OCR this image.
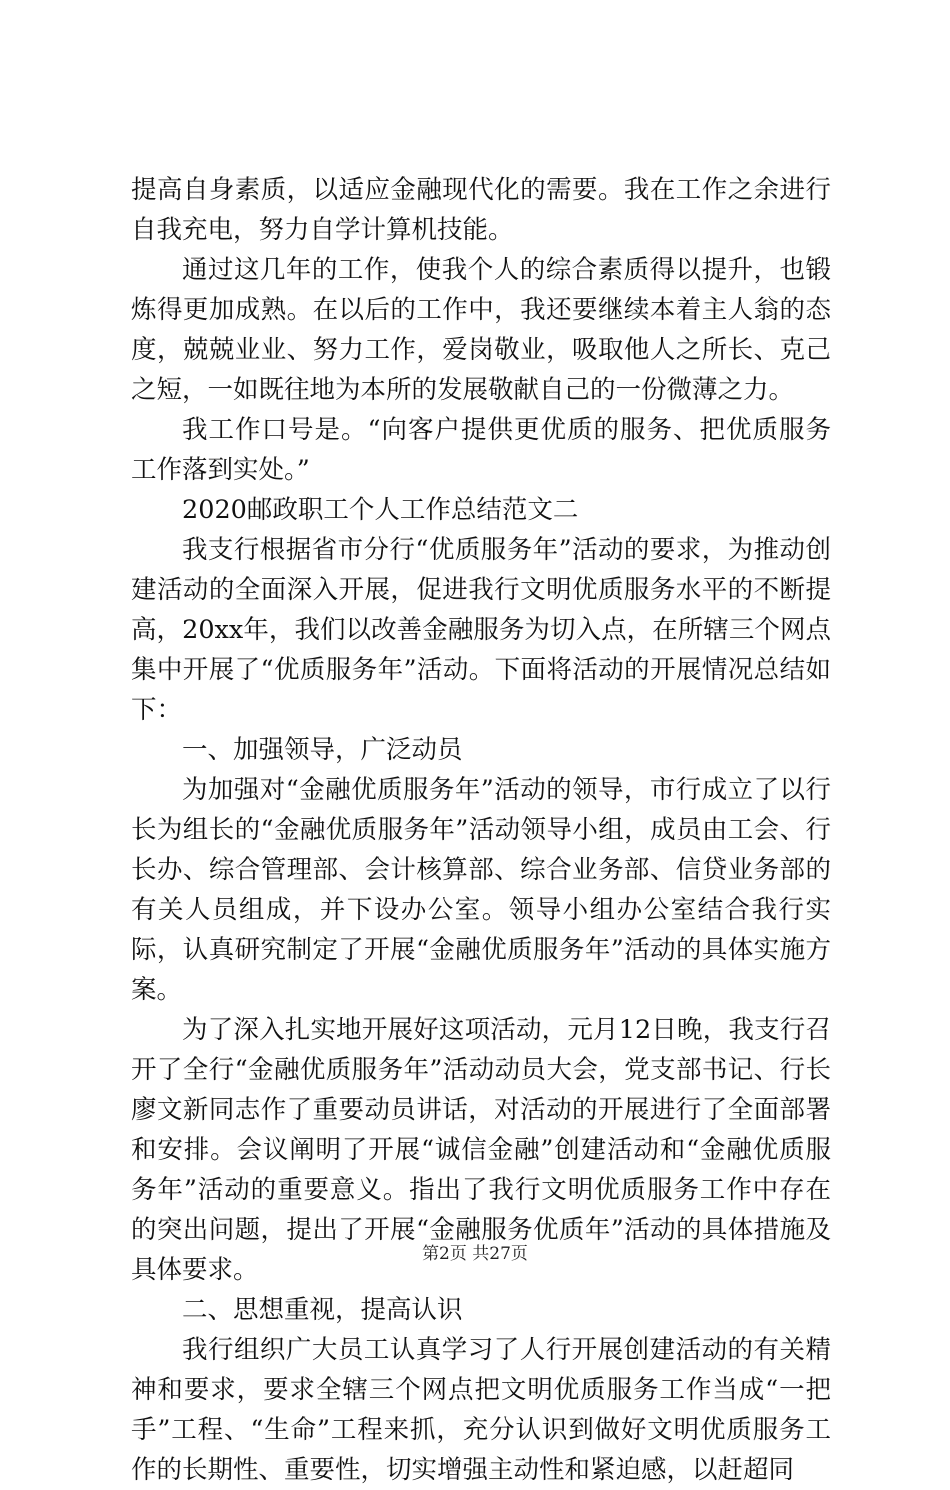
提高自身素质，以适应金融现代化的需要。我在工作之余进行自我充电，努力自学计算机技能。

通过这几年的工作，使我个人的综合素质得以提升，也锻炼得更加成熟。在以后的工作中，我还要继续本着主人翁的态度，兢兢业业、努力工作，爱岗敬业，吸取他人之所长、克己之短，一如既往地为本所的发展敬献自己的一份微薄之力。

我工作口号是。“向客户提供更优质的服务、把优质服务工作落到实处。”

2020邮政职工个人工作总结范文二

我支行根据省市分行“优质服务年”活动的要求，为推动创建活动的全面深入开展，促进我行文明优质服务水平的不断提高，20xx年，我们以改善金融服务为切入点，在所辖三个网点集中开展了“优质服务年”活动。下面将活动的开展情况总结如下：

一、加强领导，广泛动员

为加强对“金融优质服务年”活动的领导，市行成立了以行长为组长的“金融优质服务年”活动领导小组，成员由工会、行长办、综合管理部、会计核算部、综合业务部、信贷业务部的有关人员组成，并下设办公室。领导小组办公室结合我行实际，认真研究制定了开展“金融优质服务年”活动的具体实施方案。

为了深入扎实地开展好这项活动，元月12日晚，我支行召开了全行“金融优质服务年”活动动员大会，党支部书记、行长廖文新同志作了重要动员讲话，对活动的开展进行了全面部署和安排。会议阐明了开展“诚信金融”创建活动和“金融优质服务年”活动的重要意义。指出了我行文明优质服务工作中存在的突出问题，提出了开展“金融服务优质年”活动的具体措施及具体要求。

二、思想重视，提高认识

我行组织广大员工认真学习了人行开展创建活动的有关精神和要求，要求全辖三个网点把文明优质服务工作当成“一把手”工程、“生命”工程来抓，充分认识到做好文明优质服务工作的长期性、重要性，切实增强主动性和紧迫感，以赶超同

第2页 共27页
